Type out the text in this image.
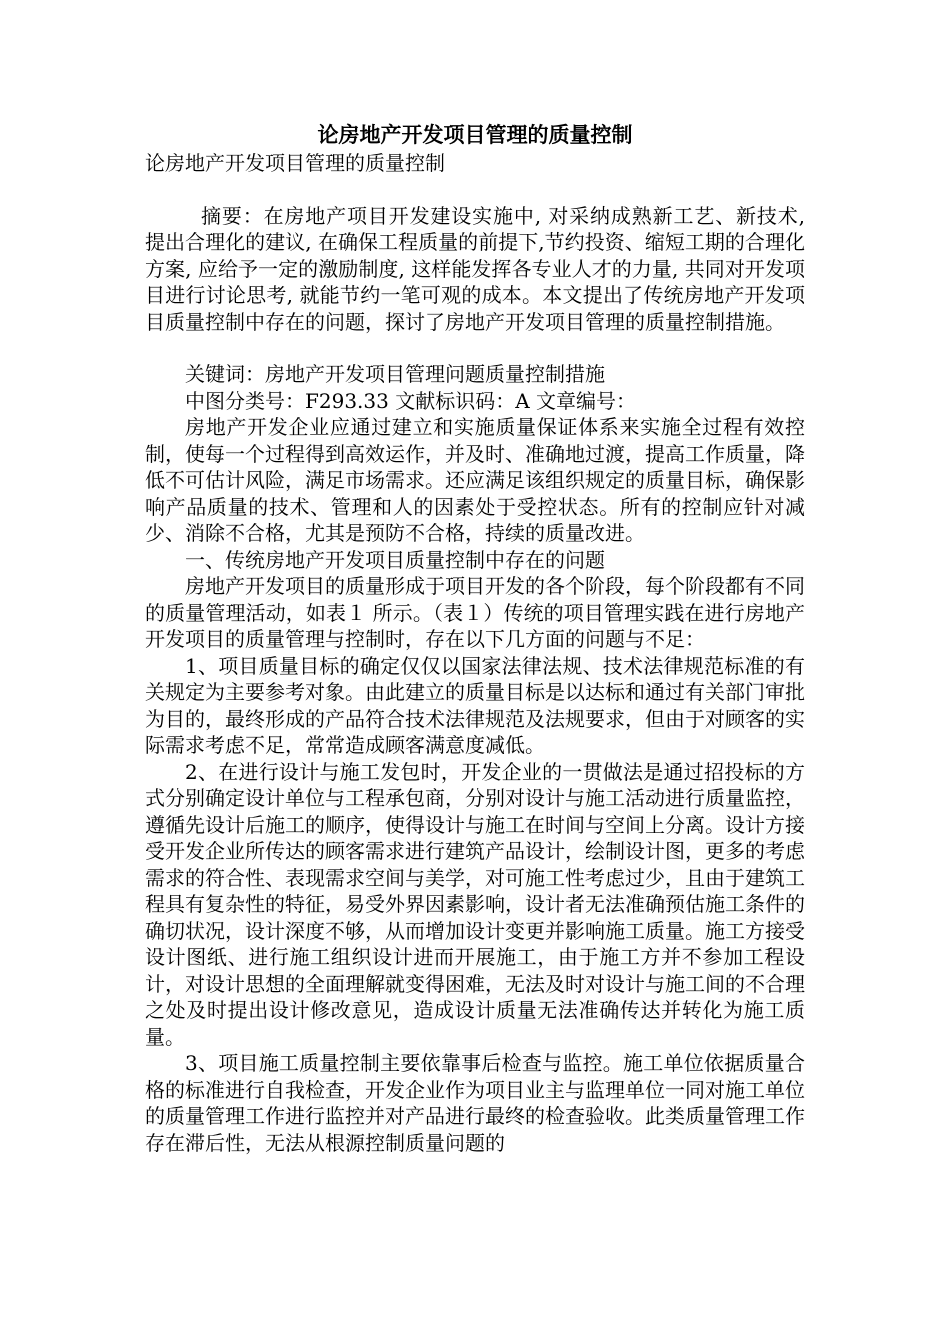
论房地产开发项目管理的质量控制

论房地产开发项目管理的质量控制

摘要：在房地产项目开发建设实施中, 对采纳成熟新工艺、新技术, 提出合理化的建议, 在确保工程质量的前提下,节约投资、缩短工期的合理化方案, 应给予一定的激励制度, 这样能发挥各专业人才的力量, 共同对开发项目进行讨论思考, 就能节约一笔可观的成本。本文提出了传统房地产开发项目质量控制中存在的问题，探讨了房地产开发项目管理的质量控制措施。

关键词：房地产开发项目管理问题质量控制措施

中图分类号：F293.33 文献标识码：A 文章编号：

房地产开发企业应通过建立和实施质量保证体系来实施全过程有效控制，使每一个过程得到高效运作，并及时、准确地过渡，提高工作质量，降低不可估计风险，满足市场需求。还应满足该组织规定的质量目标，确保影响产品质量的技术、管理和人的因素处于受控状态。所有的控制应针对减少、消除不合格，尤其是预防不合格，持续的质量改进。

一、传统房地产开发项目质量控制中存在的问题

房地产开发项目的质量形成于项目开发的各个阶段，每个阶段都有不同的质量管理活动，如表１ 所示。（表１）传统的项目管理实践在进行房地产开发项目的质量管理与控制时，存在以下几方面的问题与不足：

1、项目质量目标的确定仅仅以国家法律法规、技术法律规范标准的有关规定为主要参考对象。由此建立的质量目标是以达标和通过有关部门审批为目的，最终形成的产品符合技术法律规范及法规要求，但由于对顾客的实际需求考虑不足，常常造成顾客满意度减低。

2、在进行设计与施工发包时，开发企业的一贯做法是通过招投标的方式分别确定设计单位与工程承包商，分别对设计与施工活动进行质量监控，遵循先设计后施工的顺序，使得设计与施工在时间与空间上分离。设计方接受开发企业所传达的顾客需求进行建筑产品设计，绘制设计图，更多的考虑需求的符合性、表现需求空间与美学，对可施工性考虑过少，且由于建筑工程具有复杂性的特征，易受外界因素影响，设计者无法准确预估施工条件的确切状况，设计深度不够，从而增加设计变更并影响施工质量。施工方接受设计图纸、进行施工组织设计进而开展施工，由于施工方并不参加工程设计，对设计思想的全面理解就变得困难，无法及时对设计与施工间的不合理之处及时提出设计修改意见，造成设计质量无法准确传达并转化为施工质量。

3、项目施工质量控制主要依靠事后检查与监控。施工单位依据质量合格的标准进行自我检查，开发企业作为项目业主与监理单位一同对施工单位的质量管理工作进行监控并对产品进行最终的检查验收。此类质量管理工作存在滞后性，无法从根源控制质量问题的
